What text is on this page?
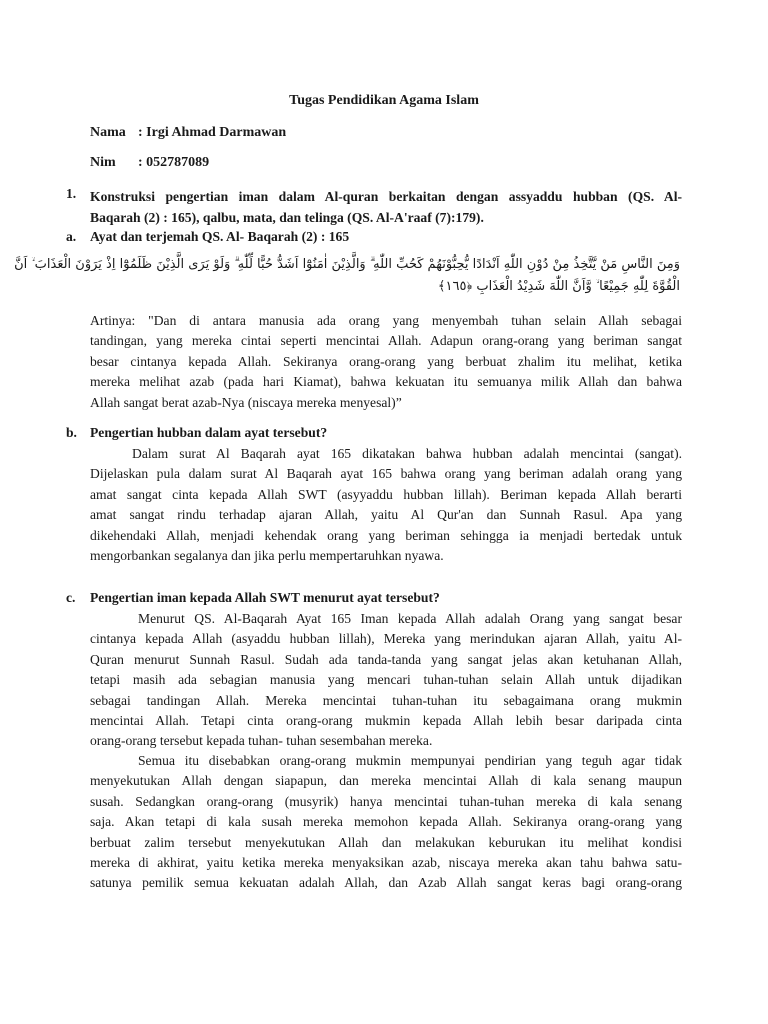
Tugas Pendidikan Agama Islam
Nama : Irgi Ahmad Darmawan
Nim : 052787089
1. Konstruksi pengertian iman dalam Al-quran berkaitan dengan assyaddu hubban (QS. Al-
Baqarah (2) : 165), qalbu, mata, dan telinga (QS. Al-A'raaf (7):179).
a. Ayat dan terjemah QS. Al- Baqarah (2) : 165
وَمِنَ النَّاسِ مَنْ يَّتَّخِذُ مِنْ دُوْنِ اللّٰهِ اَنْدَادًا يُّحِبُّوْنَهُمْ كَحُبِّ اللّٰهِ ۗ وَالَّذِيْنَ اٰمَنُوْٓا اَشَدُّ حُبًّا لِّلّٰهِ ۗ وَلَوْ يَرَى الَّذِيْنَ ظَلَمُوْٓا اِذْ يَرَوْنَ الْعَذَابَ ۙ اَنَّ
الْقُوَّةَ لِلّٰهِ جَمِيْعًا ۙ وَّاَنَّ اللّٰهَ شَدِيْدُ الْعَذَابِ ﴿١٦٥﴾
Artinya: "Dan di antara manusia ada orang yang menyembah tuhan selain Allah sebagai
tandingan, yang mereka cintai seperti mencintai Allah. Adapun orang-orang yang beriman sangat
besar cintanya kepada Allah. Sekiranya orang-orang yang berbuat zhalim itu melihat, ketika
mereka melihat azab (pada hari Kiamat), bahwa kekuatan itu semuanya milik Allah dan bahwa
Allah sangat berat azab-Nya (niscaya mereka menyesal)”
b. Pengertian hubban dalam ayat tersebut?
Dalam surat Al Baqarah ayat 165 dikatakan bahwa hubban adalah mencintai (sangat).
Dijelaskan pula dalam surat Al Baqarah ayat 165 bahwa orang yang beriman adalah orang yang
amat sangat cinta kepada Allah SWT (asyyaddu hubban lillah). Beriman kepada Allah berarti
amat sangat rindu terhadap ajaran Allah, yaitu Al Qur'an dan Sunnah Rasul. Apa yang
dikehendaki Allah, menjadi kehendak orang yang beriman sehingga ia menjadi bertedak untuk
mengorbankan segalanya dan jika perlu mempertaruhkan nyawa.
c. Pengertian iman kepada Allah SWT menurut ayat tersebut?
Menurut QS. Al-Baqarah Ayat 165 Iman kepada Allah adalah Orang yang sangat besar
cintanya kepada Allah (asyaddu hubban lillah), Mereka yang merindukan ajaran Allah, yaitu Al-
Quran menurut Sunnah Rasul. Sudah ada tanda-tanda yang sangat jelas akan ketuhanan Allah,
tetapi masih ada sebagian manusia yang mencari tuhan-tuhan selain Allah untuk dijadikan
sebagai tandingan Allah. Mereka mencintai tuhan-tuhan itu sebagaimana orang mukmin
mencintai Allah. Tetapi cinta orang-orang mukmin kepada Allah lebih besar daripada cinta
orang-orang tersebut kepada tuhan- tuhan sesembahan mereka.
Semua itu disebabkan orang-orang mukmin mempunyai pendirian yang teguh agar tidak
menyekutukan Allah dengan siapapun, dan mereka mencintai Allah di kala senang maupun
susah. Sedangkan orang-orang (musyrik) hanya mencintai tuhan-tuhan mereka di kala senang
saja. Akan tetapi di kala susah mereka memohon kepada Allah. Sekiranya orang-orang yang
berbuat zalim tersebut menyekutukan Allah dan melakukan keburukan itu melihat kondisi
mereka di akhirat, yaitu ketika mereka menyaksikan azab, niscaya mereka akan tahu bahwa satu-
satunya pemilik semua kekuatan adalah Allah, dan Azab Allah sangat keras bagi orang-orang
